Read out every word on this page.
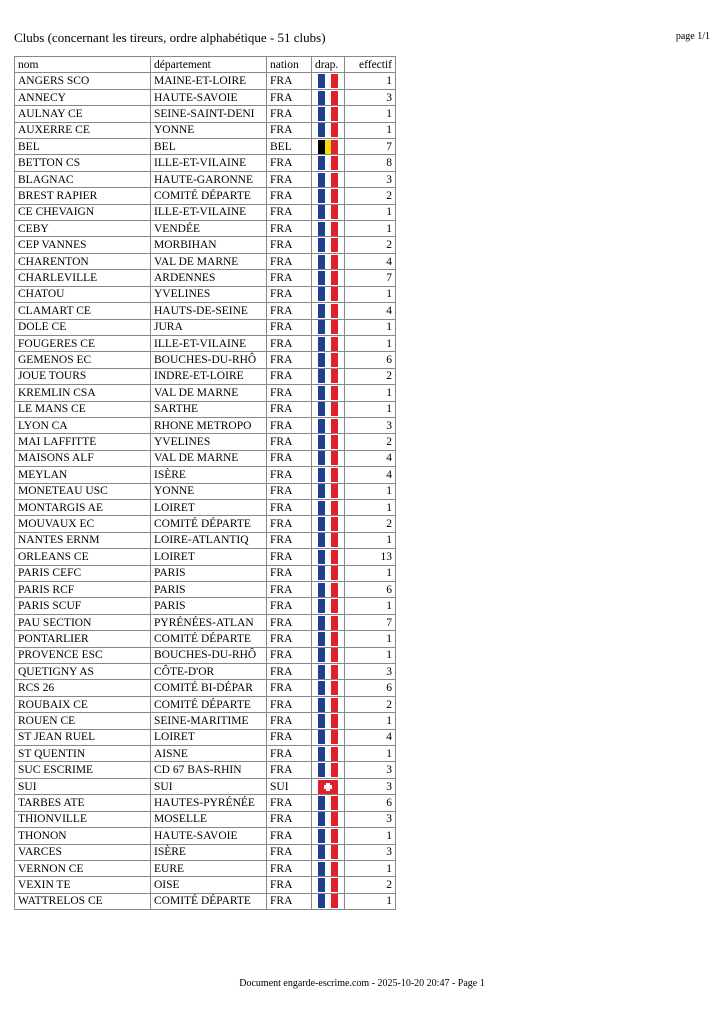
Clubs (concernant les tireurs, ordre alphabétique - 51 clubs)	page 1/1
nom	département	nation	drap.	effectif
ANGERS SCO	MAINE-ET-LOIRE	FRA		1
ANNECY	HAUTE-SAVOIE	FRA		3
AULNAY CE	SEINE-SAINT-DENI	FRA		1
AUXERRE CE	YONNE	FRA		1
BEL	BEL	BEL		7
BETTON CS	ILLE-ET-VILAINE	FRA		8
BLAGNAC	HAUTE-GARONNE	FRA		3
BREST RAPIER	COMITÉ DÉPARTE	FRA		2
CE CHEVAIGN	ILLE-ET-VILAINE	FRA		1
CEBY	VENDÉE	FRA		1
CEP VANNES	MORBIHAN	FRA		2
CHARENTON	VAL DE MARNE	FRA		4
CHARLEVILLE	ARDENNES	FRA		7
CHATOU	YVELINES	FRA		1
CLAMART CE	HAUTS-DE-SEINE	FRA		4
DOLE CE	JURA	FRA		1
FOUGERES CE	ILLE-ET-VILAINE	FRA		1
GEMENOS EC	BOUCHES-DU-RHÔ	FRA		6
JOUE TOURS	INDRE-ET-LOIRE	FRA		2
KREMLIN CSA	VAL DE MARNE	FRA		1
LE MANS CE	SARTHE	FRA		1
LYON CA	RHONE METROPO	FRA		3
MAI LAFFITTE	YVELINES	FRA		2
MAISONS ALF	VAL DE MARNE	FRA		4
MEYLAN	ISÈRE	FRA		4
MONETEAU USC	YONNE	FRA		1
MONTARGIS AE	LOIRET	FRA		1
MOUVAUX EC	COMITÉ DÉPARTE	FRA		2
NANTES ERNM	LOIRE-ATLANTIQ	FRA		1
ORLEANS CE	LOIRET	FRA		13
PARIS CEFC	PARIS	FRA		1
PARIS RCF	PARIS	FRA		6
PARIS SCUF	PARIS	FRA		1
PAU SECTION	PYRÉNÉES-ATLAN	FRA		7
PONTARLIER	COMITÉ DÉPARTE	FRA		1
PROVENCE ESC	BOUCHES-DU-RHÔ	FRA		1
QUETIGNY AS	CÔTE-D'OR	FRA		3
RCS 26	COMITÉ BI-DÉPAR	FRA		6
ROUBAIX CE	COMITÉ DÉPARTE	FRA		2
ROUEN CE	SEINE-MARITIME	FRA		1
ST JEAN RUEL	LOIRET	FRA		4
ST QUENTIN	AISNE	FRA		1
SUC ESCRIME	CD 67 BAS-RHIN	FRA		3
SUI	SUI	SUI		3
TARBES ATE	HAUTES-PYRÉNÉE	FRA		6
THIONVILLE	MOSELLE	FRA		3
THONON	HAUTE-SAVOIE	FRA		1
VARCES	ISÈRE	FRA		3
VERNON CE	EURE	FRA		1
VEXIN TE	OISE	FRA		2
WATTRELOS CE	COMITÉ DÉPARTE	FRA		1
Document engarde-escrime.com - 2025-10-20 20:47 - Page 1
